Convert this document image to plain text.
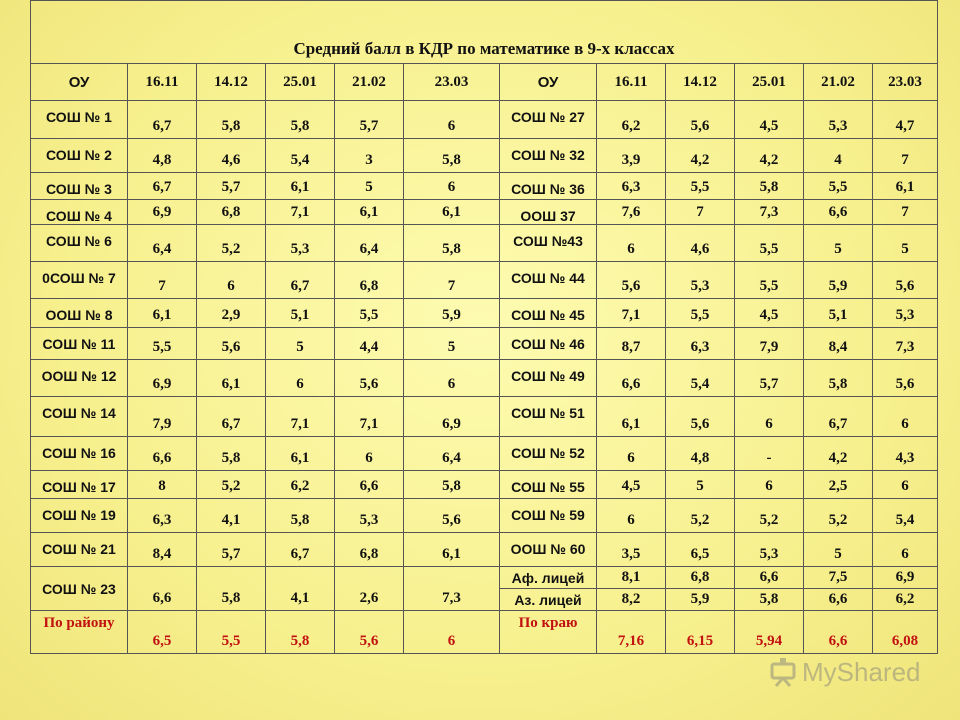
Средний балл в КДР по математике в 9-х классах											
ОУ	16.11	14.12	25.01	21.02	23.03	ОУ	16.11	14.12	25.01	21.02	23.03
СОШ № 1	6,7	5,8	5,8	5,7	6	СОШ № 27	6,2	5,6	4,5	5,3	4,7
СОШ № 2	4,8	4,6	5,4	3	5,8	СОШ № 32	3,9	4,2	4,2	4	7
СОШ № 3	6,7	5,7	6,1	5	6	СОШ № 36	6,3	5,5	5,8	5,5	6,1
СОШ № 4	6,9	6,8	7,1	6,1	6,1	ООШ 37	7,6	7	7,3	6,6	7
СОШ № 6	6,4	5,2	5,3	6,4	5,8	СОШ №43	6	4,6	5,5	5	5
0СОШ № 7	7	6	6,7	6,8	7	СОШ № 44	5,6	5,3	5,5	5,9	5,6
ООШ № 8	6,1	2,9	5,1	5,5	5,9	СОШ № 45	7,1	5,5	4,5	5,1	5,3
СОШ № 11	5,5	5,6	5	4,4	5	СОШ № 46	8,7	6,3	7,9	8,4	7,3
ООШ № 12	6,9	6,1	6	5,6	6	СОШ № 49	6,6	5,4	5,7	5,8	5,6
СОШ № 14	7,9	6,7	7,1	7,1	6,9	СОШ № 51	6,1	5,6	6	6,7	6
СОШ № 16	6,6	5,8	6,1	6	6,4	СОШ № 52	6	4,8	-	4,2	4,3
СОШ № 17	8	5,2	6,2	6,6	5,8	СОШ № 55	4,5	5	6	2,5	6
СОШ № 19	6,3	4,1	5,8	5,3	5,6	СОШ № 59	6	5,2	5,2	5,2	5,4
СОШ № 21	8,4	5,7	6,7	6,8	6,1	ООШ № 60	3,5	6,5	5,3	5	6
СОШ № 23	6,6	5,8	4,1	2,6	7,3	Аф. лицей	8,1	6,8	6,6	7,5	6,9
						Аз. лицей	8,2	5,9	5,8	6,6	6,2
По району	6,5	5,5	5,8	5,6	6	По краю	7,16	6,15	5,94	6,6	6,08
MyShared
